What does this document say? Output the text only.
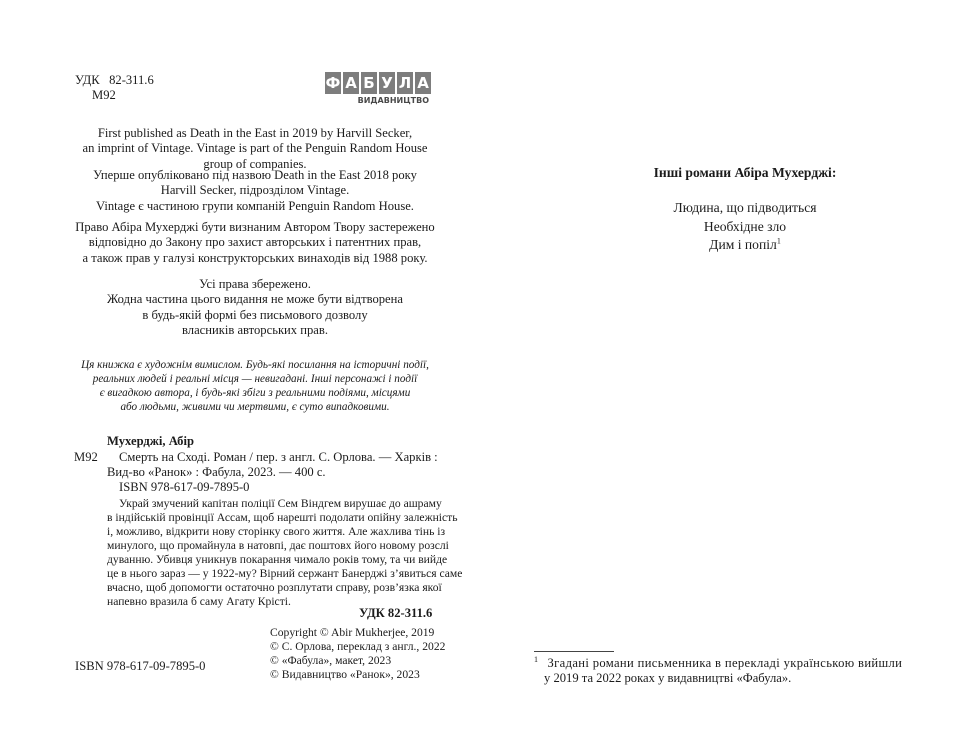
УДК 82-311.6
М92
Ф А Б У Л А
ВИДАВНИЦТВО
First published as Death in the East in 2019 by Harvill Secker,
an imprint of Vintage. Vintage is part of the Penguin Random House
group of companies.
Уперше опубліковано під назвою Death in the East 2018 року
Harvill Secker, підрозділом Vintage.
Vintage є частиною групи компаній Penguin Random House.
Право Абіра Мухерджі бути визнаним Автором Твору застережено
відповідно до Закону про захист авторських і патентних прав,
а також прав у галузі конструкторських винаходів від 1988 року.
Усі права збережено.
Жодна частина цього видання не може бути відтворена
в будь-якій формі без письмового дозволу
власників авторських прав.
Ця книжка є художнім вимислом. Будь-які посилання на історичні події,
реальних людей і реальні місця — невигадані. Інші персонажі і події
є вигадкою автора, і будь-які збіги з реальними подіями, місцями
або людьми, живими чи мертвими, є суто випадковими.
Мухерджі, Абір
М92 Смерть на Сході. Роман / пер. з англ. С. Орлова. — Харків :
Вид-во «Ранок» : Фабула, 2023. — 400 с.
ISBN 978-617-09-7895-0
Украй змучений капітан поліції Сем Віндгем вирушає до ашраму
в індійській провінції Ассам, щоб нарешті подолати опійну залежність
і, можливо, відкрити нову сторінку свого життя. Але жахлива тінь із
минулого, що промайнула в натовпі, дає поштовх його новому розслі
дуванню. Убивця уникнув покарання чимало років тому, та чи вийде
це в нього зараз — у 1922-му? Вірний сержант Банерджі з’явиться саме
вчасно, щоб допомогти остаточно розплутати справу, розв’язка якої
напевно вразила б саму Агату Крісті.
УДК 82-311.6
Copyright © Abir Mukherjee, 2019
© С. Орлова, переклад з англ., 2022
© «Фабула», макет, 2023
© Видавництво «Ранок», 2023
ISBN 978-617-09-7895-0
Інші романи Абіра Мухерджі:
Людина, що підводиться
Необхідне зло
Дим і попіл$^1$
$^1$ Згадані романи письменника в перекладі українською вийшли
у 2019 та 2022 роках у видавництві «Фабула».
